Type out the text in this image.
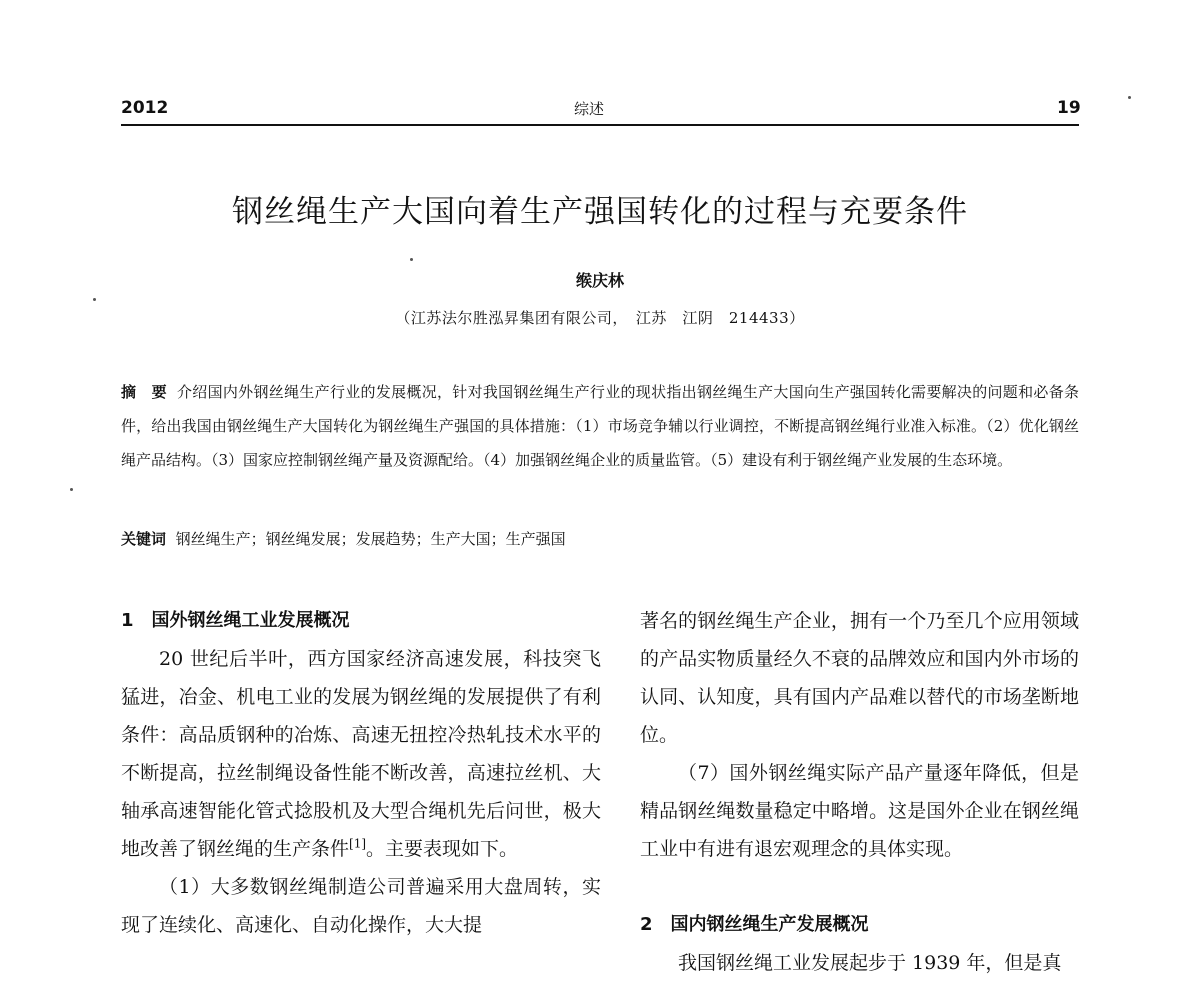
2012	综述	19
钢丝绳生产大国向着生产强国转化的过程与充要条件
缑庆林
（江苏法尔胜泓昇集团有限公司，　江苏　江阴　214433）
摘　要 介绍国内外钢丝绳生产行业的发展概况，针对我国钢丝绳生产行业的现状指出钢丝绳生产大国向生产强国转化需要解决的问题和必备条件，给出我国由钢丝绳生产大国转化为钢丝绳生产强国的具体措施：（1）市场竞争辅以行业调控，不断提高钢丝绳行业准入标准。（2）优化钢丝绳产品结构。（3）国家应控制钢丝绳产量及资源配给。（4）加强钢丝绳企业的质量监管。（5）建设有利于钢丝绳产业发展的生态环境。
关键词 钢丝绳生产；钢丝绳发展；发展趋势；生产大国；生产强国

1　国外钢丝绳工业发展概况

20 世纪后半叶，西方国家经济高速发展，科技突飞猛进，冶金、机电工业的发展为钢丝绳的发展提供了有利条件：高品质钢种的冶炼、高速无扭控冷热轧技术水平的不断提高，拉丝制绳设备性能不断改善，高速拉丝机、大轴承高速智能化管式捻股机及大型合绳机先后问世，极大地改善了钢丝绳的生产条件[1]。主要表现如下。

（1）大多数钢丝绳制造公司普遍采用大盘周转，实现了连续化、高速化、自动化操作，大大提

著名的钢丝绳生产企业，拥有一个乃至几个应用领域的产品实物质量经久不衰的品牌效应和国内外市场的认同、认知度，具有国内产品难以替代的市场垄断地位。

（7）国外钢丝绳实际产品产量逐年降低，但是精品钢丝绳数量稳定中略增。这是国外企业在钢丝绳工业中有进有退宏观理念的具体实现。

2　国内钢丝绳生产发展概况

我国钢丝绳工业发展起步于 1939 年，但是真
